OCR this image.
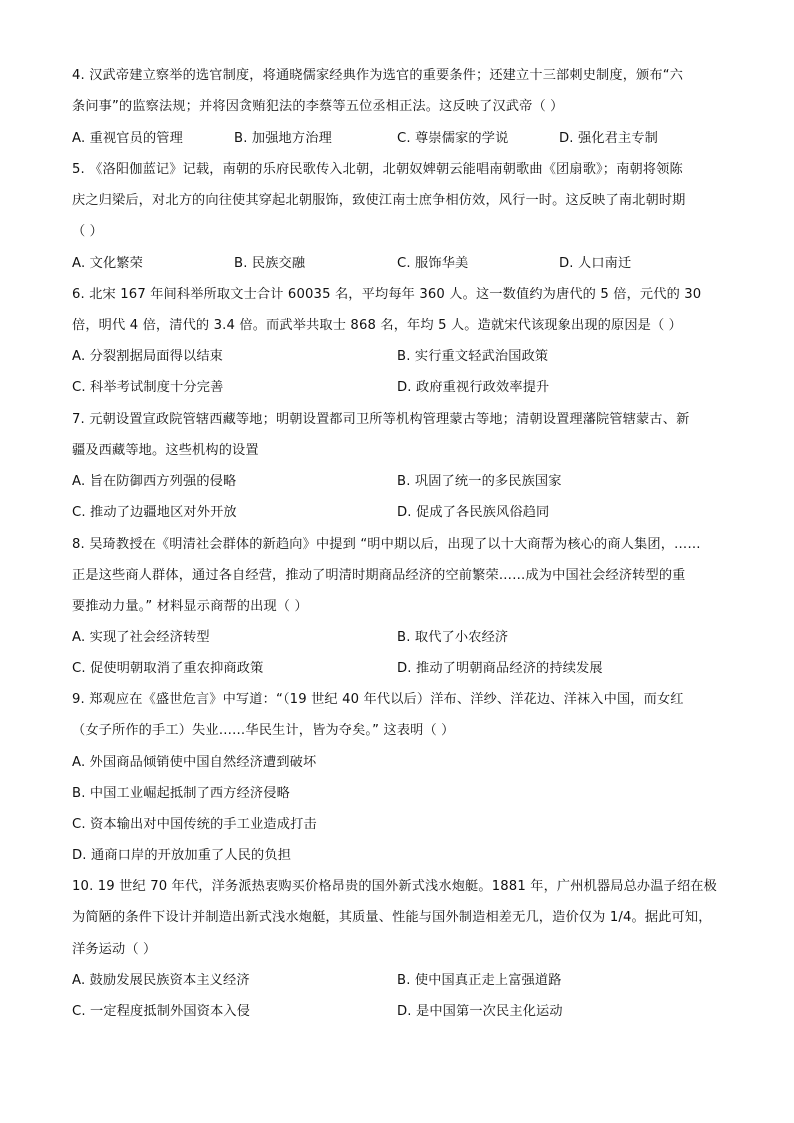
4. 汉武帝建立察举的选官制度，将通晓儒家经典作为选官的重要条件；还建立十三部刺史制度，颁布“六
条问事”的监察法规；并将因贪贿犯法的李蔡等五位丞相正法。这反映了汉武帝（ ）
A. 重视官员的管理	B. 加强地方治理	C. 尊崇儒家的学说	D. 强化君主专制
5. 《洛阳伽蓝记》记载，南朝的乐府民歌传入北朝，北朝奴婢朝云能唱南朝歌曲《团扇歌》；南朝将领陈
庆之归梁后，对北方的向往使其穿起北朝服饰，致使江南士庶争相仿效，风行一时。这反映了南北朝时期
（ ）
A. 文化繁荣	B. 民族交融	C. 服饰华美	D. 人口南迁
6. 北宋 167 年间科举所取文士合计 60035 名，平均每年 360 人。这一数值约为唐代的 5 倍，元代的 30
倍，明代 4 倍，清代的 3.4 倍。而武举共取士 868 名，年均 5 人。造就宋代该现象出现的原因是（ ）
A. 分裂割据局面得以结束	B. 实行重文轻武治国政策
C. 科举考试制度十分完善	D. 政府重视行政效率提升
7. 元朝设置宣政院管辖西藏等地；明朝设置都司卫所等机构管理蒙古等地；清朝设置理藩院管辖蒙古、新
疆及西藏等地。这些机构的设置
A. 旨在防御西方列强的侵略	B. 巩固了统一的多民族国家
C. 推动了边疆地区对外开放	D. 促成了各民族风俗趋同
8. 吴琦教授在《明清社会群体的新趋向》中提到 “明中期以后，出现了以十大商帮为核心的商人集团，……
正是这些商人群体，通过各自经营，推动了明清时期商品经济的空前繁荣……成为中国社会经济转型的重
要推动力量。” 材料显示商帮的出现（ ）
A. 实现了社会经济转型	B. 取代了小农经济
C. 促使明朝取消了重农抑商政策	D. 推动了明朝商品经济的持续发展
9. 郑观应在《盛世危言》中写道：“（19 世纪 40 年代以后）洋布、洋纱、洋花边、洋袜入中国，而女红
（女子所作的手工）失业……华民生计，皆为夺矣。” 这表明（ ）
A. 外国商品倾销使中国自然经济遭到破坏
B. 中国工业崛起抵制了西方经济侵略
C. 资本输出对中国传统的手工业造成打击
D. 通商口岸的开放加重了人民的负担
10. 19 世纪 70 年代，洋务派热衷购买价格昂贵的国外新式浅水炮艇。1881 年，广州机器局总办温子绍在极
为简陋的条件下设计并制造出新式浅水炮艇，其质量、性能与国外制造相差无几，造价仅为 1/4。据此可知，
洋务运动（ ）
A. 鼓励发展民族资本主义经济	B. 使中国真正走上富强道路
C. 一定程度抵制外国资本入侵	D. 是中国第一次民主化运动
